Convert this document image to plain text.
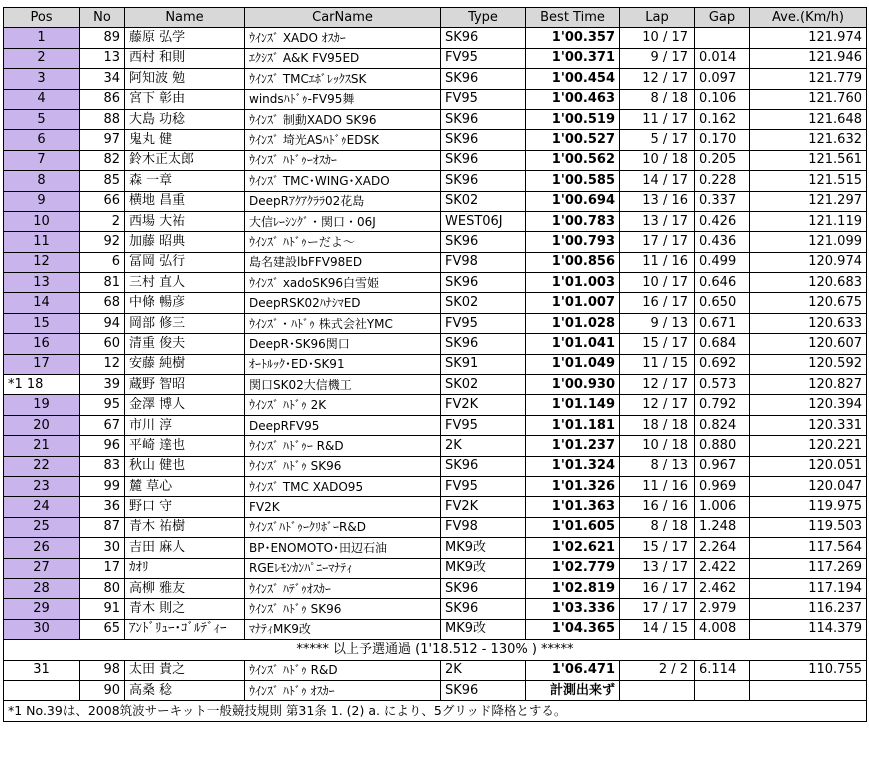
Pos	No	Name	CarName	Type	Best Time	Lap	Gap	Ave.(Km/h)
1	89	藤原 弘学	ｳｲﾝｽﾞ XADO ｵｽｶｰ	SK96	1'00.357	10 / 17		121.974
2	13	西村 和則	ｴｸｼｽﾞ A&K FV95ED	FV95	1'00.371	9 / 17	0.014	121.946
3	34	阿知波 勉	ｳｲﾝｽﾞ TMCｴﾎﾞﾚｯｸｽSK	SK96	1'00.454	12 / 17	0.097	121.779
4	86	宮下 彰由	windsﾊﾄﾞｩ-FV95舞	FV95	1'00.463	8 / 18	0.106	121.760
5	88	大島 功稔	ｳｲﾝｽﾞ 制動XADO SK96	SK96	1'00.519	11 / 17	0.162	121.648
6	97	鬼丸 健	ｳｲﾝｽﾞ 埼光ASﾊﾄﾞｩEDSK	SK96	1'00.527	5 / 17	0.170	121.632
7	82	鈴木正太郎	ｳｲﾝｽﾞ ﾊﾄﾞｩｰｵｽｶｰ	SK96	1'00.562	10 / 18	0.205	121.561
8	85	森 一章	ｳｲﾝｽﾞ TMC･WING･XADO	SK96	1'00.585	14 / 17	0.228	121.515
9	66	横地 昌重	DeepRｱｸｱｸﾗﾗ02花島	SK02	1'00.694	13 / 16	0.337	121.297
10	2	西場 大祐	大信ﾚｰｼﾝｸﾞ・関口・06J	WEST06J	1'00.783	13 / 17	0.426	121.119
11	92	加藤 昭典	ｳｲﾝｽﾞ ﾊﾄﾞｩーだよ～	SK96	1'00.793	17 / 17	0.436	121.099
12	6	冨岡 弘行	島名建設lbFFV98ED	FV98	1'00.856	11 / 16	0.499	120.974
13	81	三村 直人	ｳｲﾝｽﾞ xadoSK96白雪姫	SK96	1'01.003	10 / 17	0.646	120.683
14	68	中條 暢彦	DeepRSK02ﾊﾅｼﾏED	SK02	1'01.007	16 / 17	0.650	120.675
15	94	岡部 修三	ｳｲﾝｽﾞ・ﾊﾄﾞｩ 株式会社YMC	FV95	1'01.028	9 / 13	0.671	120.633
16	60	清重 俊夫	DeepR･SK96関口	SK96	1'01.041	15 / 17	0.684	120.607
17	12	安藤 純樹	ｵｰﾄﾙｯｸ･ED･SK91	SK91	1'01.049	11 / 15	0.692	120.592
*1 18	39	蔵野 智昭	関口SK02大信機工	SK02	1'00.930	12 / 17	0.573	120.827
19	95	金澤 博人	ｳｲﾝｽﾞ ﾊﾄﾞｩ 2K	FV2K	1'01.149	12 / 17	0.792	120.394
20	67	市川 淳	DeepRFV95	FV95	1'01.181	18 / 18	0.824	120.331
21	96	平崎 達也	ｳｲﾝｽﾞ ﾊﾄﾞｩｰ R&D	2K	1'01.237	10 / 18	0.880	120.221
22	83	秋山 健也	ｳｲﾝｽﾞ ﾊﾄﾞｩ SK96	SK96	1'01.324	8 / 13	0.967	120.051
23	99	麓 草心	ｳｲﾝｽﾞ TMC XADO95	FV95	1'01.326	11 / 16	0.969	120.047
24	36	野口 守	FV2K	FV2K	1'01.363	16 / 16	1.006	119.975
25	87	青木 祐樹	ｳｲﾝｽﾞﾊﾄﾞｩｰｸﾘﾎﾞｰR&D	FV98	1'01.605	8 / 18	1.248	119.503
26	30	吉田 麻人	BP･ENOMOTO･田辺石油	MK9改	1'02.621	15 / 17	2.264	117.564
27	17	ｶｵﾘ	RGEﾚﾓﾝｶﾝﾊﾟﾆｰﾏﾅﾃｨ	MK9改	1'02.779	13 / 17	2.422	117.269
28	80	高柳 雅友	ｳｲﾝｽﾞ ﾊﾃﾞｩｵｽｶｰ	SK96	1'02.819	16 / 17	2.462	117.194
29	91	青木 則之	ｳｲﾝｽﾞ ﾊﾄﾞｩ SK96	SK96	1'03.336	17 / 17	2.979	116.237
30	65	ｱﾝﾄﾞﾘｭｰ･ｺﾞﾙﾃﾞｨｰ	ﾏﾅﾃｨMK9改	MK9改	1'04.365	14 / 15	4.008	114.379
***** 以上予選通過 (1'18.512 - 130% ) *****								
31	98	太田 貴之	ｳｲﾝｽﾞ ﾊﾄﾞｩ R&D	2K	1'06.471	2 / 2	6.114	110.755
	90	高桑 稔	ｳｲﾝｽﾞ ﾊﾄﾞｩ ｵｽｶｰ	SK96	計測出来ず			
*1 No.39は、2008筑波サーキット一般競技規則 第31条 1. (2) a. により、5グリッド降格とする。								
